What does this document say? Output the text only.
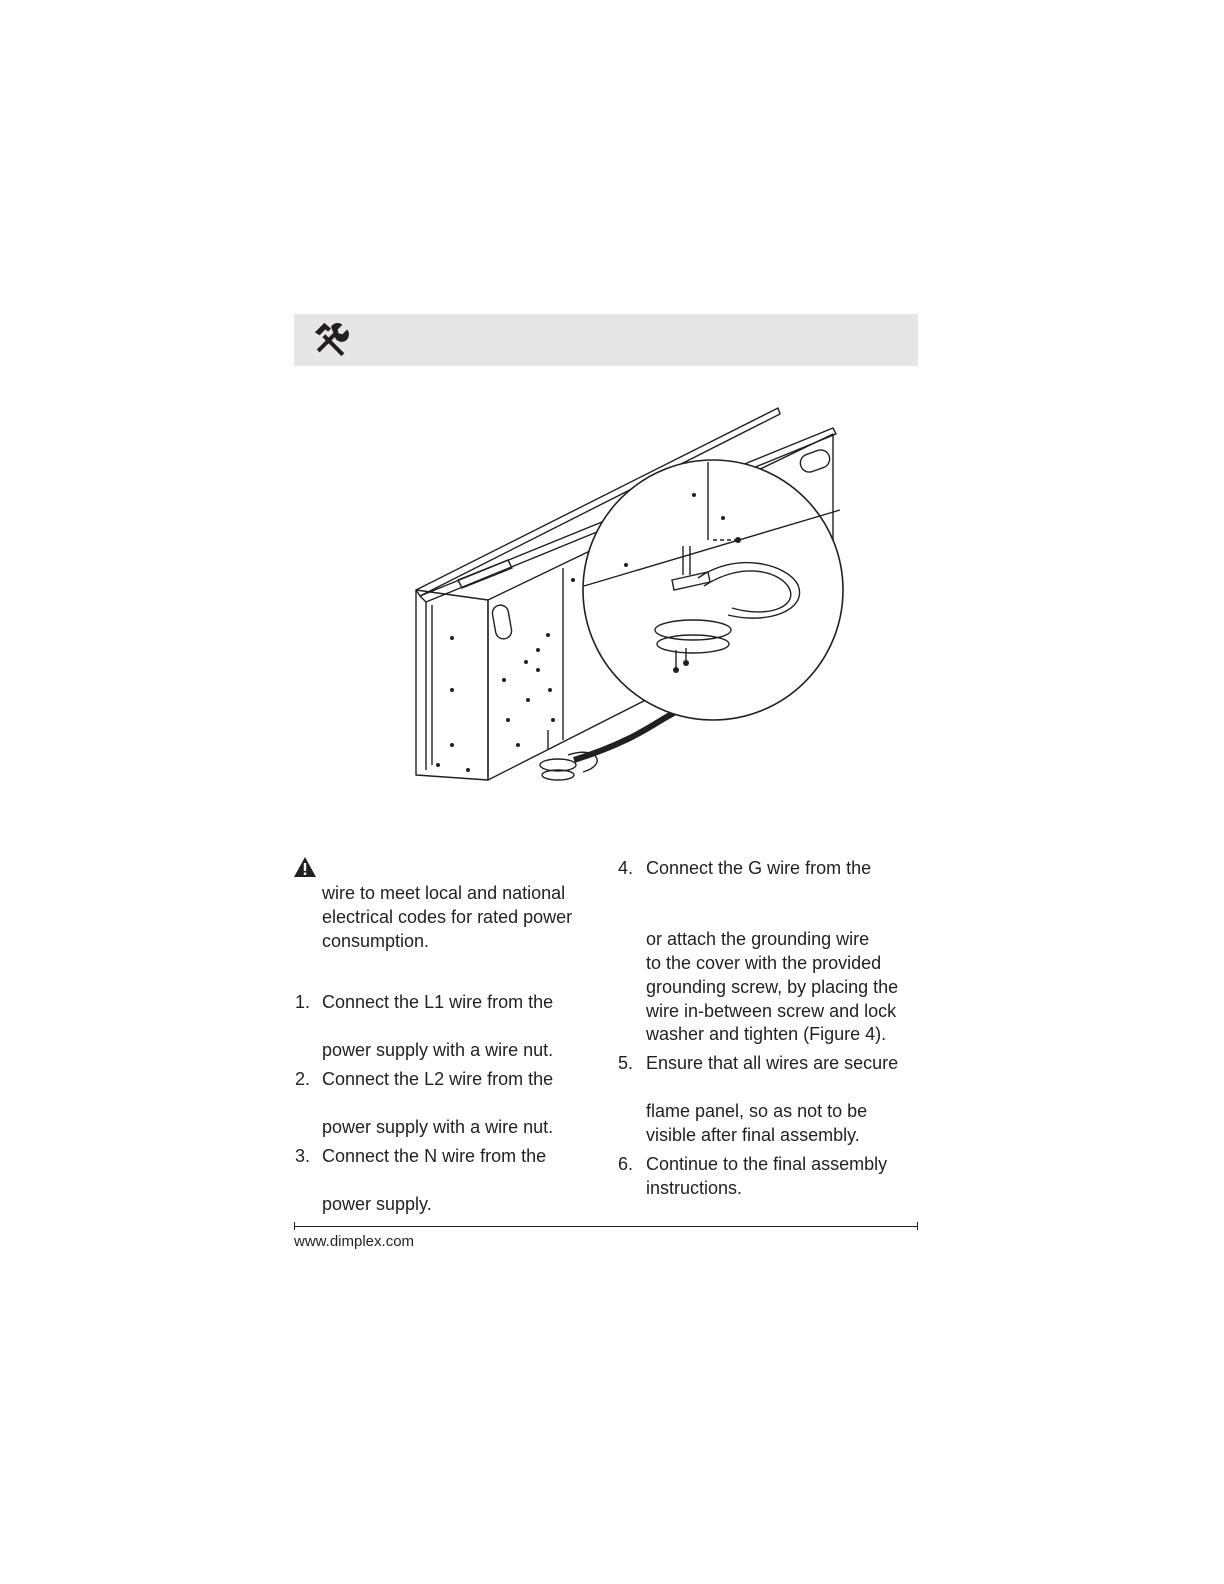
wire to meet local and national
electrical codes for rated power
consumption.
1. Connect the L1 wire from the
power supply with a wire nut.
2. Connect the L2 wire from the
power supply with a wire nut.
3. Connect the N wire from the
power supply.
4. Connect the G wire from the
or attach the grounding wire
to the cover with the provided
grounding screw, by placing the
wire in-between screw and lock
washer and tighten (Figure 4).
5. Ensure that all wires are secure
flame panel, so as not to be
visible after final assembly.
6. Continue to the final assembly
instructions.
www.dimplex.com
